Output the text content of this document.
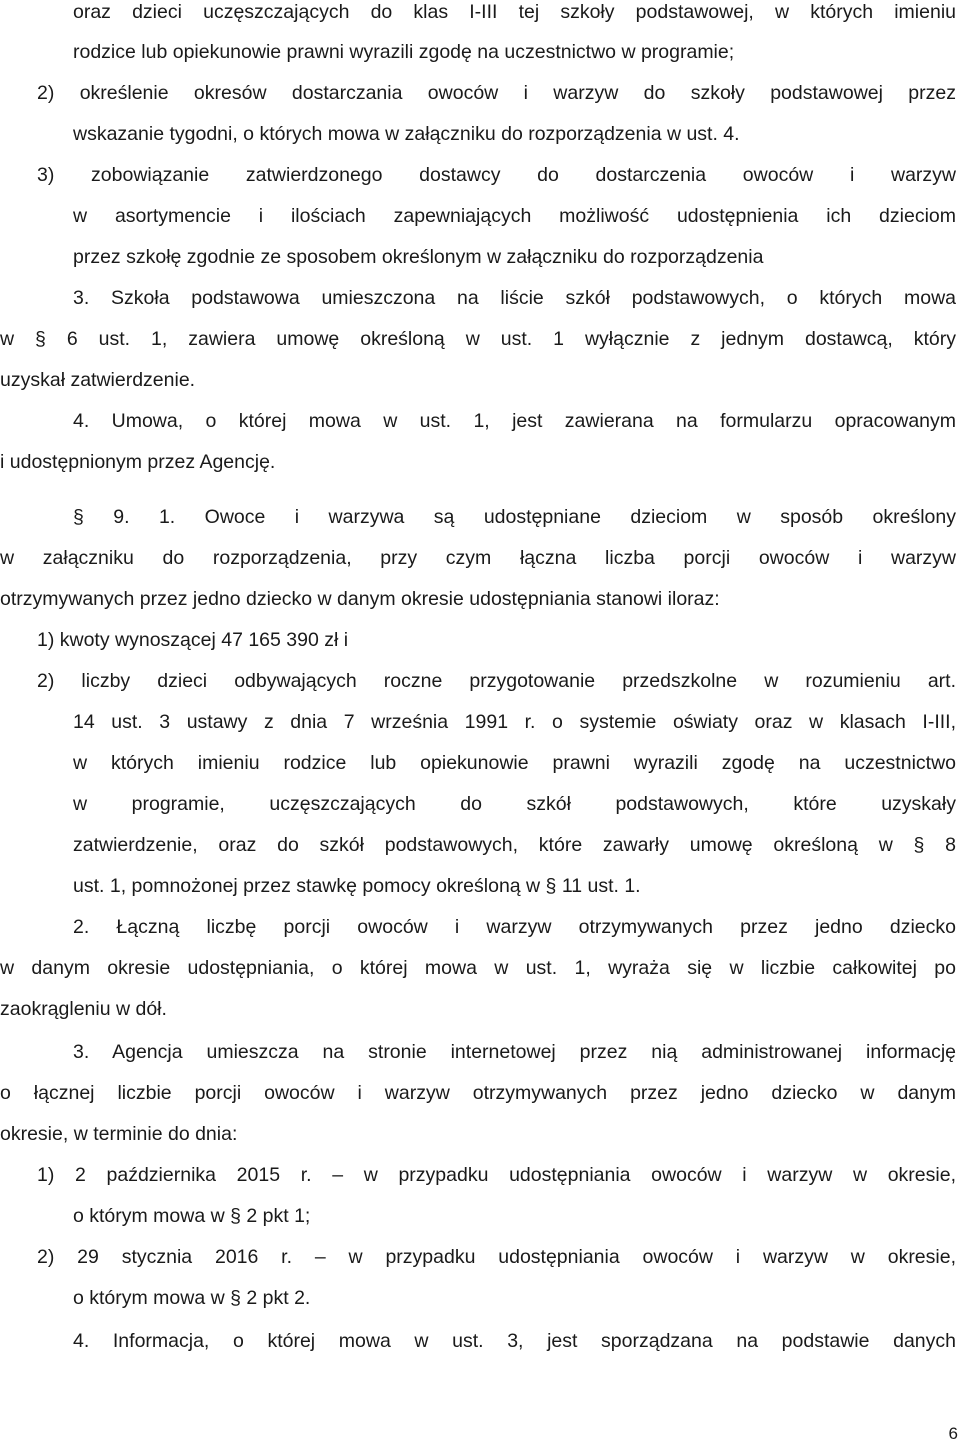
oraz dzieci uczęszczających do klas I-III tej szkoły podstawowej, w których imieniu
rodzice lub opiekunowie prawni wyrazili zgodę na uczestnictwo w programie;
2) określenie okresów dostarczania owoców i warzyw do szkoły podstawowej przez
wskazanie tygodni, o których mowa w załączniku do rozporządzenia w ust. 4.
3) zobowiązanie zatwierdzonego dostawcy do dostarczenia owoców i warzyw
w asortymencie i ilościach zapewniających możliwość udostępnienia ich dzieciom
przez szkołę zgodnie ze sposobem określonym w załączniku do rozporządzenia
3. Szkoła podstawowa umieszczona na liście szkół podstawowych, o których mowa
w § 6 ust. 1, zawiera umowę określoną w ust. 1 wyłącznie z jednym dostawcą, który
uzyskał zatwierdzenie.
4. Umowa, o której mowa w ust. 1, jest zawierana na formularzu opracowanym
i udostępnionym przez Agencję.
§ 9. 1. Owoce i warzywa są udostępniane dzieciom w sposób określony
w załączniku do rozporządzenia, przy czym łączna liczba porcji owoców i warzyw
otrzymywanych przez jedno dziecko w danym okresie udostępniania stanowi iloraz:
1) kwoty wynoszącej 47 165 390 zł i
2) liczby dzieci odbywających roczne przygotowanie przedszkolne w rozumieniu art.
14 ust. 3 ustawy z dnia 7 września 1991 r. o systemie oświaty oraz w klasach I-III,
w których imieniu rodzice lub opiekunowie prawni wyrazili zgodę na uczestnictwo
w programie, uczęszczających do szkół podstawowych, które uzyskały
zatwierdzenie, oraz do szkół podstawowych, które zawarły umowę określoną w § 8
ust. 1, pomnożonej przez stawkę pomocy określoną w § 11 ust. 1.
2. Łączną liczbę porcji owoców i warzyw otrzymywanych przez jedno dziecko
w danym okresie udostępniania, o której mowa w ust. 1, wyraża się w liczbie całkowitej po
zaokrągleniu w dół.
3. Agencja umieszcza na stronie internetowej przez nią administrowanej informację
o łącznej liczbie porcji owoców i warzyw otrzymywanych przez jedno dziecko w danym
okresie, w terminie do dnia:
1) 2 października 2015 r. – w przypadku udostępniania owoców i warzyw w okresie,
o którym mowa w § 2 pkt 1;
2) 29 stycznia 2016 r. – w przypadku udostępniania owoców i warzyw w okresie,
o którym mowa w § 2 pkt 2.
4. Informacja, o której mowa w ust. 3, jest sporządzana na podstawie danych
6
